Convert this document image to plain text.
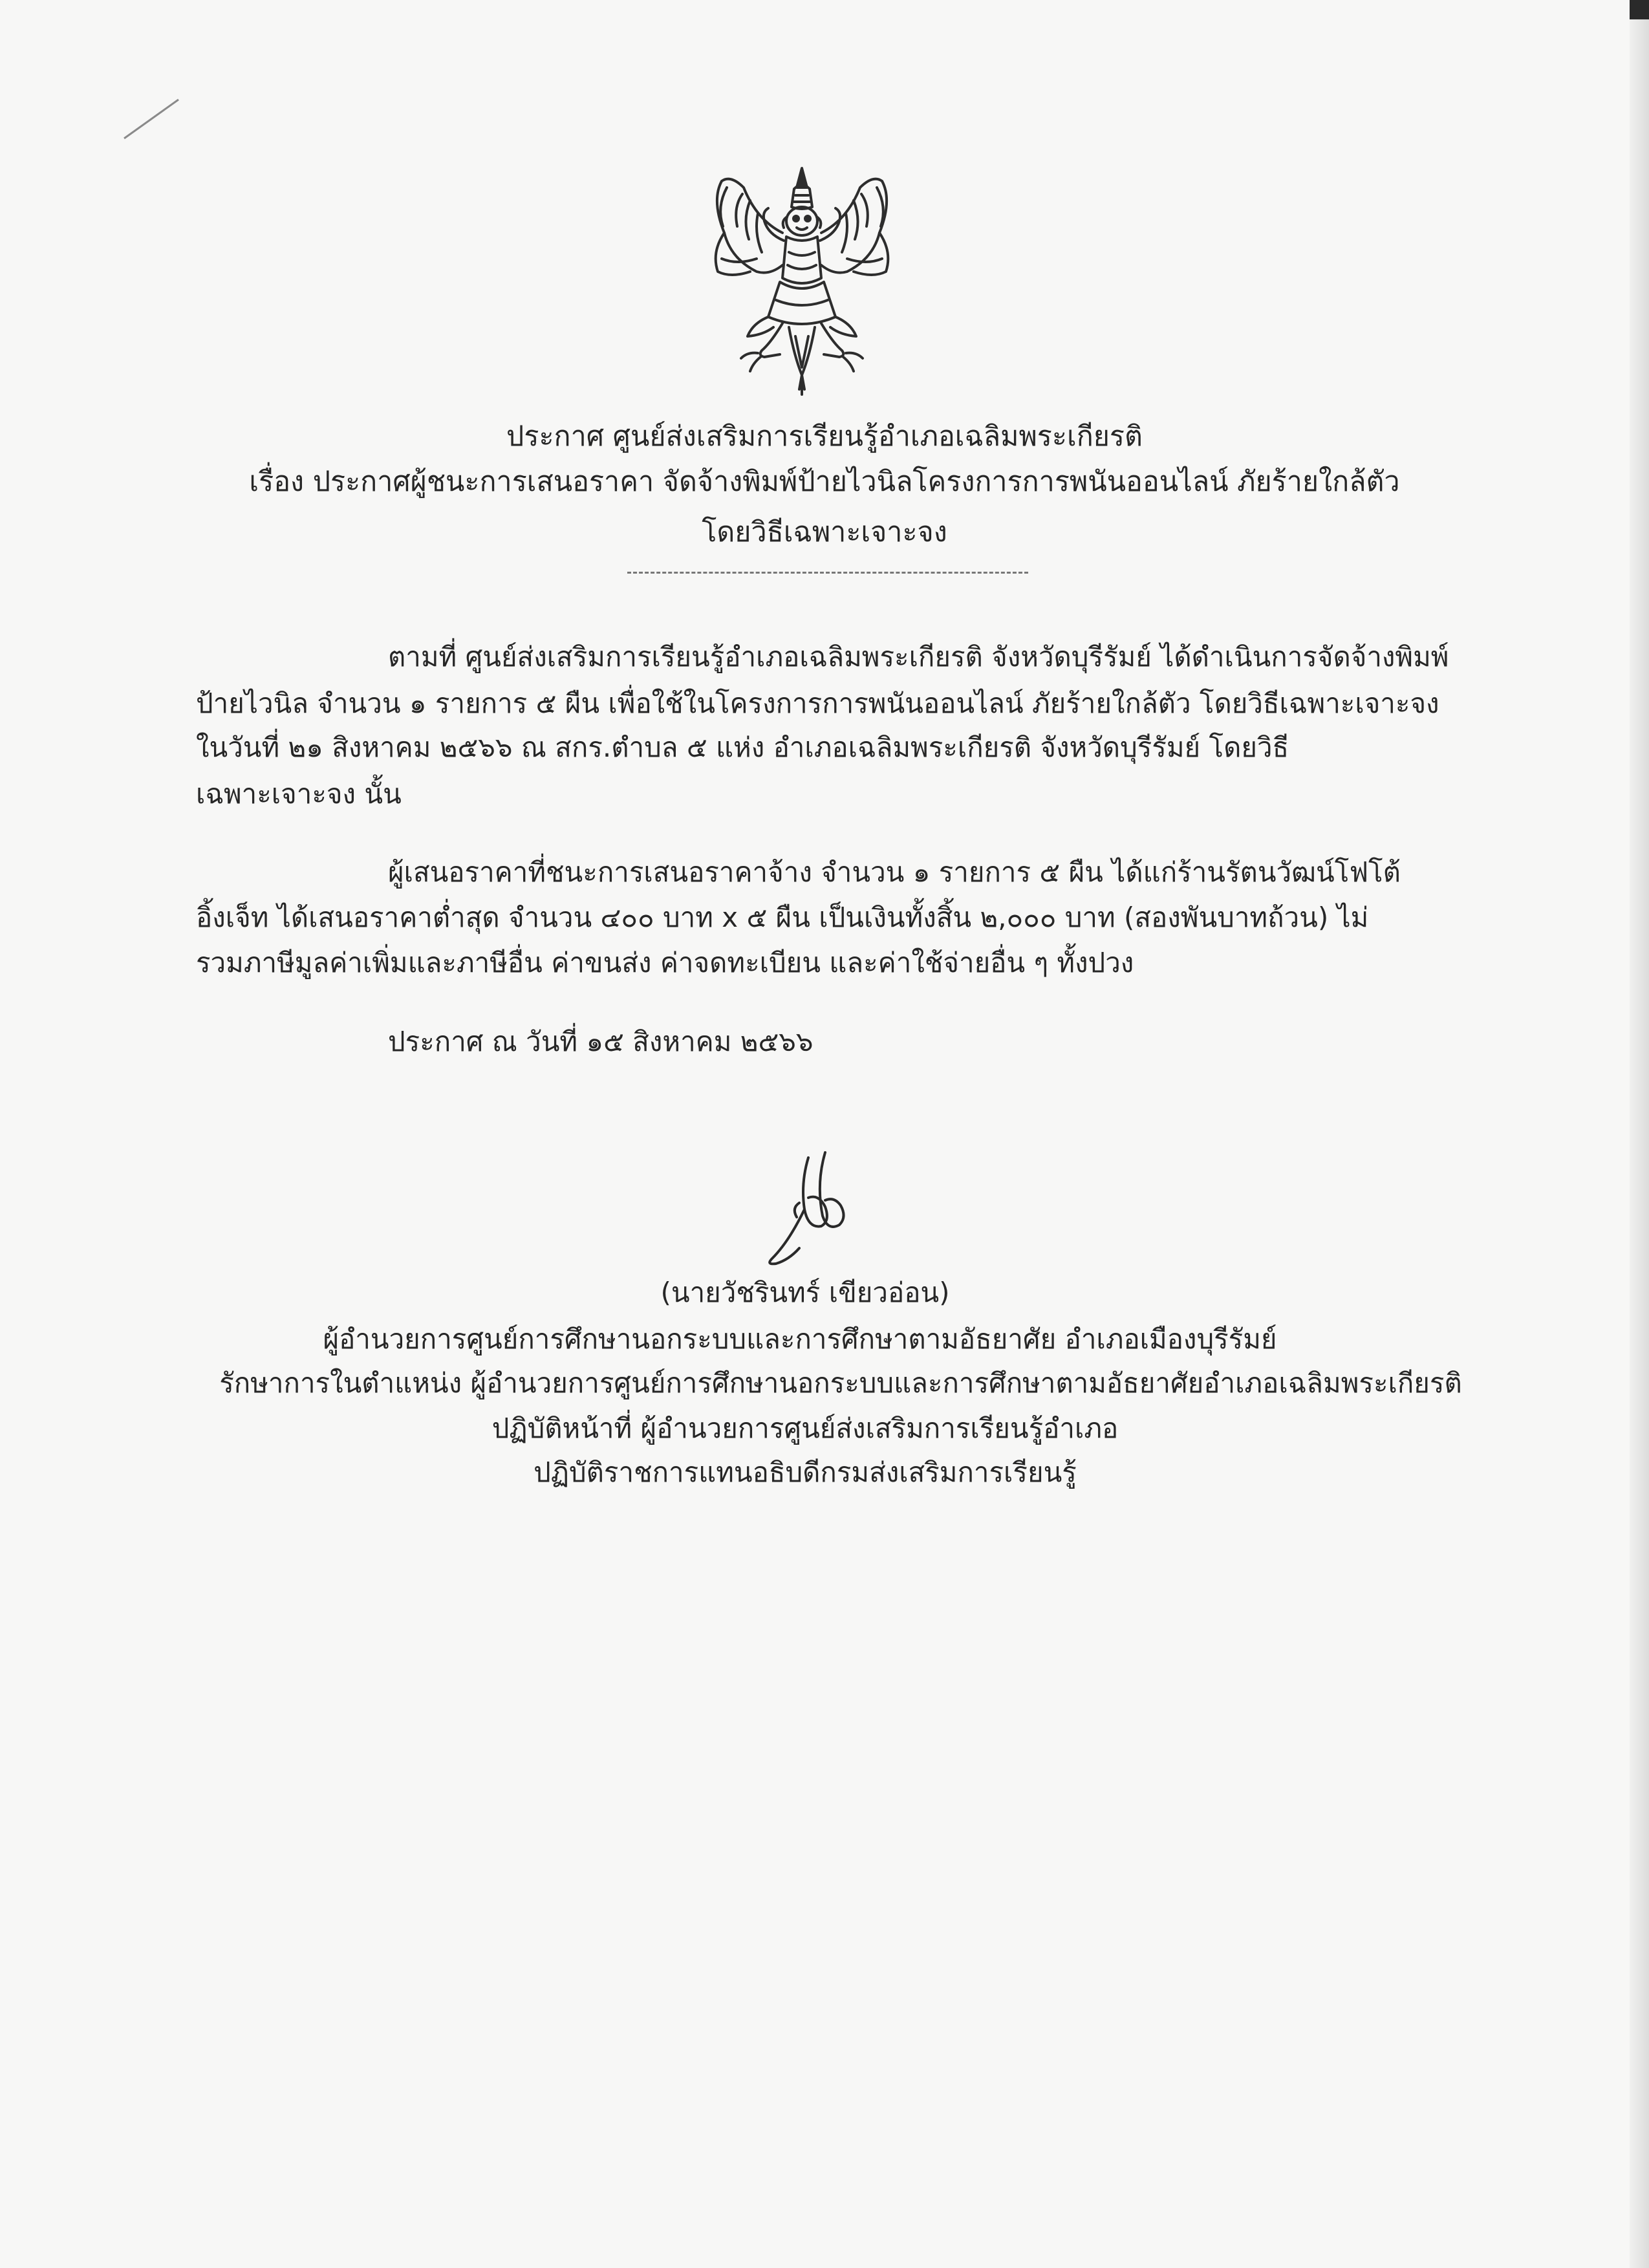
ประกาศ ศูนย์ส่งเสริมการเรียนรู้อำเภอเฉลิมพระเกียรติ
เรื่อง ประกาศผู้ชนะการเสนอราคา จัดจ้างพิมพ์ป้ายไวนิลโครงการการพนันออนไลน์ ภัยร้ายใกล้ตัว
โดยวิธีเฉพาะเจาะจง
ตามที่ ศูนย์ส่งเสริมการเรียนรู้อำเภอเฉลิมพระเกียรติ จังหวัดบุรีรัมย์ ได้ดำเนินการจัดจ้างพิมพ์
ป้ายไวนิล จำนวน ๑ รายการ ๕ ผืน เพื่อใช้ในโครงการการพนันออนไลน์ ภัยร้ายใกล้ตัว โดยวิธีเฉพาะเจาะจง
ในวันที่ ๒๑ สิงหาคม ๒๕๖๖ ณ สกร.ตำบล ๕ แห่ง อำเภอเฉลิมพระเกียรติ จังหวัดบุรีรัมย์ โดยวิธี
เฉพาะเจาะจง นั้น
ผู้เสนอราคาที่ชนะการเสนอราคาจ้าง จำนวน ๑ รายการ ๕ ผืน ได้แก่ร้านรัตนวัฒน์โฟโต้
อิ้งเจ็ท ได้เสนอราคาต่ำสุด จำนวน ๔๐๐ บาท x ๕ ผืน เป็นเงินทั้งสิ้น ๒,๐๐๐ บาท (สองพันบาทถ้วน) ไม่
รวมภาษีมูลค่าเพิ่มและภาษีอื่น ค่าขนส่ง ค่าจดทะเบียน และค่าใช้จ่ายอื่น ๆ ทั้งปวง
ประกาศ ณ วันที่ ๑๕ สิงหาคม ๒๕๖๖
(นายวัชรินทร์ เขียวอ่อน)
ผู้อำนวยการศูนย์การศึกษานอกระบบและการศึกษาตามอัธยาศัย อำเภอเมืองบุรีรัมย์
รักษาการในตำแหน่ง ผู้อำนวยการศูนย์การศึกษานอกระบบและการศึกษาตามอัธยาศัยอำเภอเฉลิมพระเกียรติ
ปฏิบัติหน้าที่ ผู้อำนวยการศูนย์ส่งเสริมการเรียนรู้อำเภอ
ปฏิบัติราชการแทนอธิบดีกรมส่งเสริมการเรียนรู้
